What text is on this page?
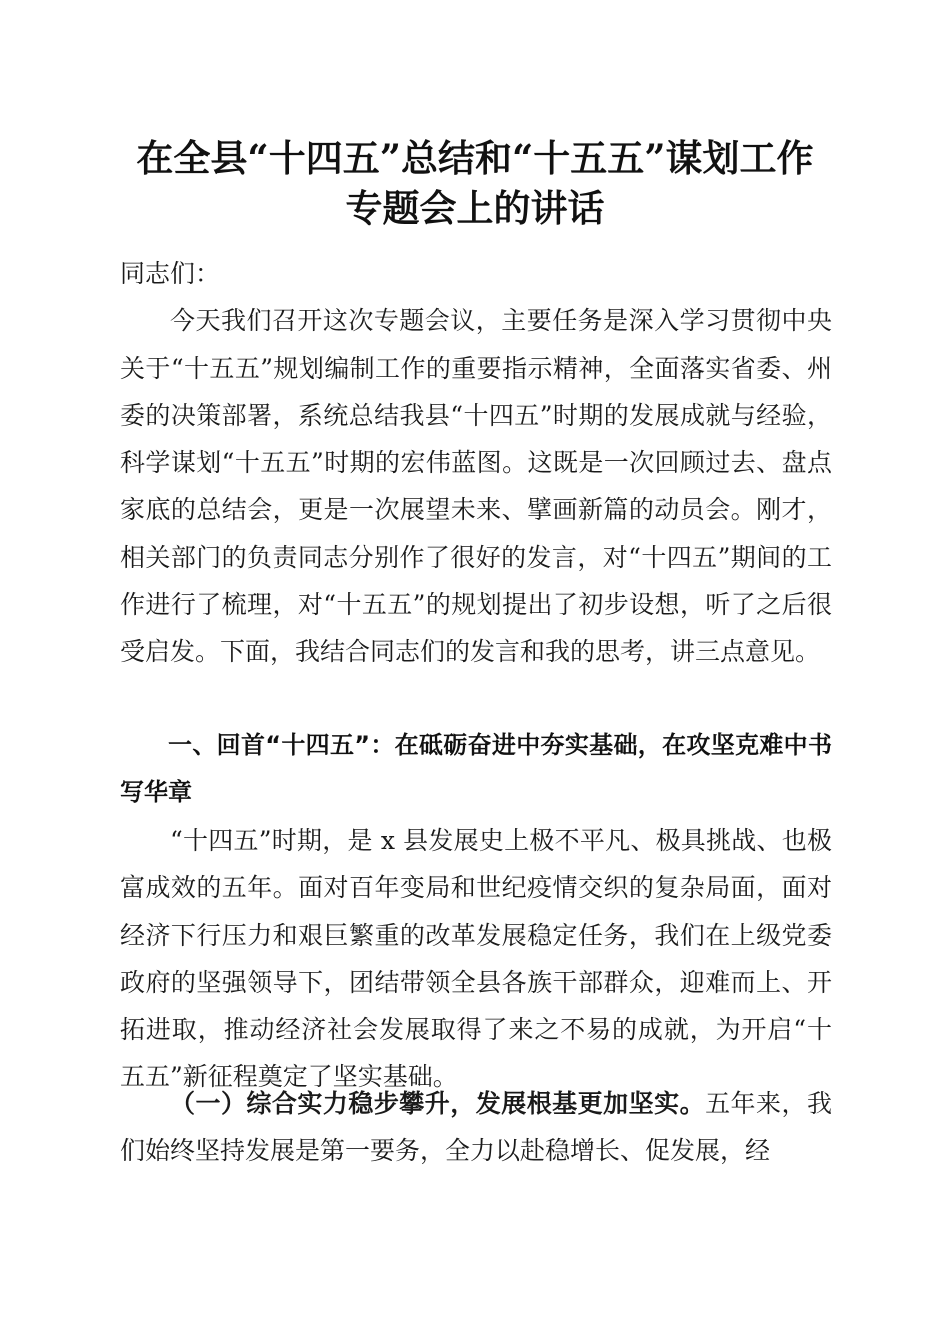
在全县“十四五”总结和“十五五”谋划工作
专题会上的讲话

同志们：

今天我们召开这次专题会议，主要任务是深入学习贯彻中央关于“十五五”规划编制工作的重要指示精神，全面落实省委、州委的决策部署，系统总结我县“十四五”时期的发展成就与经验，科学谋划“十五五”时期的宏伟蓝图。这既是一次回顾过去、盘点家底的总结会，更是一次展望未来、擘画新篇的动员会。刚才，相关部门的负责同志分别作了很好的发言，对“十四五”期间的工作进行了梳理，对“十五五”的规划提出了初步设想，听了之后很受启发。下面，我结合同志们的发言和我的思考，讲三点意见。

一、回首“十四五”：在砥砺奋进中夯实基础，在攻坚克难中书写华章

“十四五”时期，是 x 县发展史上极不平凡、极具挑战、也极富成效的五年。面对百年变局和世纪疫情交织的复杂局面，面对经济下行压力和艰巨繁重的改革发展稳定任务，我们在上级党委政府的坚强领导下，团结带领全县各族干部群众，迎难而上、开拓进取，推动经济社会发展取得了来之不易的成就，为开启“十五五”新征程奠定了坚实基础。

（一）综合实力稳步攀升，发展根基更加坚实。五年来，我们始终坚持发展是第一要务，全力以赴稳增长、促发展，经
